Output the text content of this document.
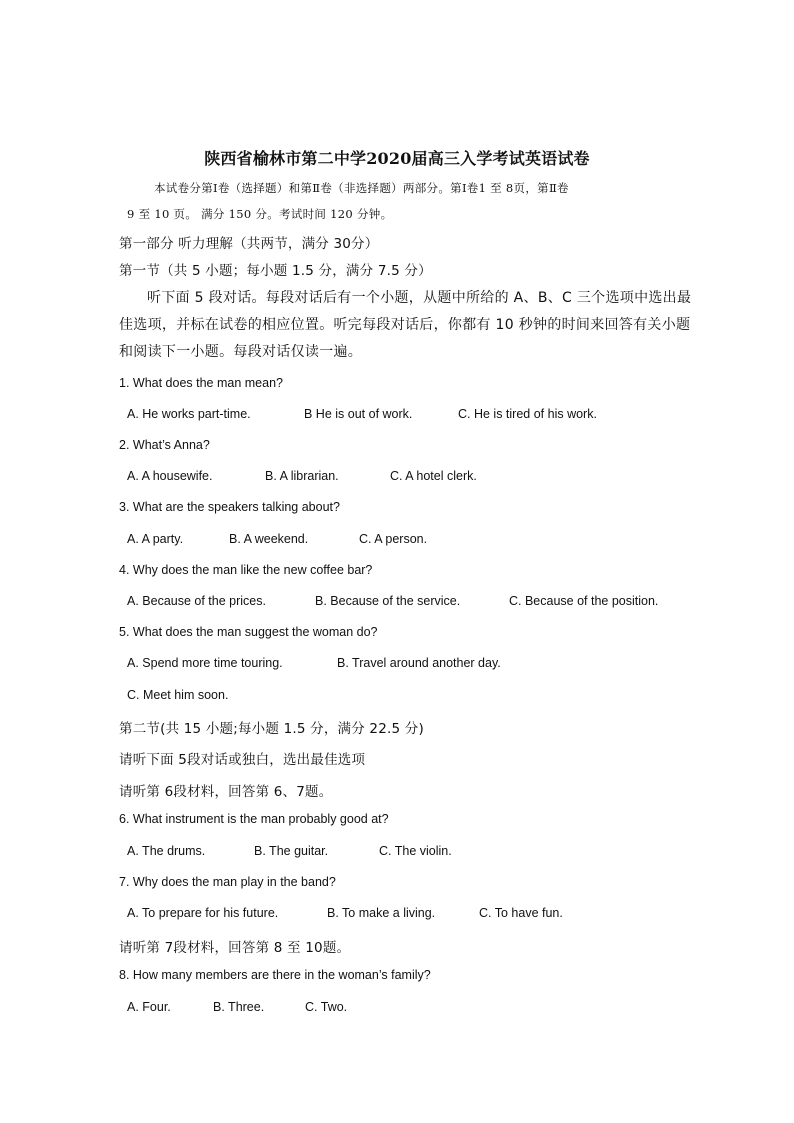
陕西省榆林市第二中学2020届高三入学考试英语试卷
本试卷分第Ⅰ卷（选择题）和第Ⅱ卷（非选择题）两部分。第Ⅰ卷1 至 8页，第Ⅱ卷
9 至 10 页。 满分 150 分。考试时间 120 分钟。
第一部分 听力理解（共两节，满分 30分）
第一节（共 5 小题；每小题 1.5 分，满分 7.5 分）
听下面 5 段对话。每段对话后有一个小题，从题中所给的 A、B、C 三个选项中选出最
佳选项，并标在试卷的相应位置。听完每段对话后，你都有 10 秒钟的时间来回答有关小题
和阅读下一小题。每段对话仅读一遍。
1. What does the man mean?
A. He works part-time.	B He is out of work.	C. He is tired of his work.
2. What’s Anna?
A. A housewife.	B. A librarian.	C. A hotel clerk.
3. What are the speakers talking about?
A. A party.	B. A weekend.	C. A person.
4. Why does the man like the new coffee bar?
A. Because of the prices.	B. Because of the service.	C. Because of the position.
5. What does the man suggest the woman do?
A. Spend more time touring.	B. Travel around another day.
C. Meet him soon.
第二节(共 15 小题;每小题 1.5 分，满分 22.5 分)
请听下面 5段对话或独白，选出最佳选项
请听第 6段材料，回答第 6、7题。
6. What instrument is the man probably good at?
A. The drums.	B. The guitar.	C. The violin.
7. Why does the man play in the band?
A. To prepare for his future.	B. To make a living.	C. To have fun.
请听第 7段材料，回答第 8 至 10题。
8. How many members are there in the woman’s family?
A. Four.	B. Three.	C. Two.
